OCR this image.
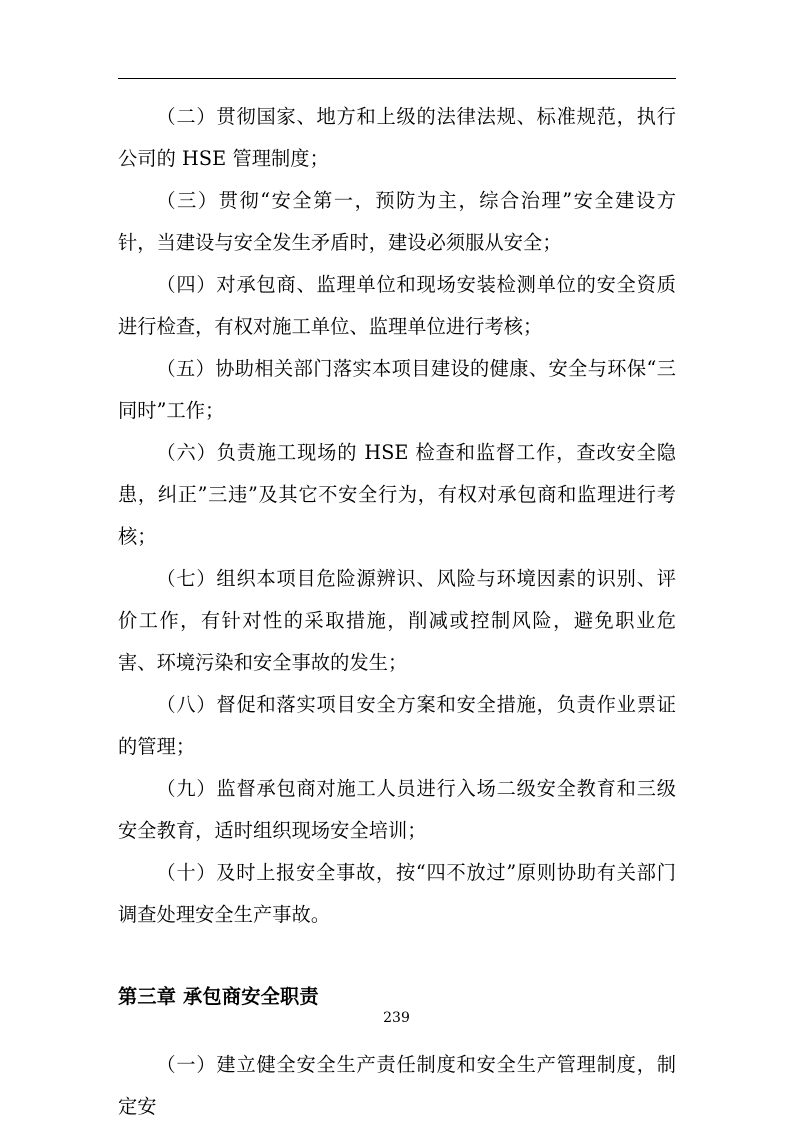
（二）贯彻国家、地方和上级的法律法规、标准规范，执行公司的 HSE 管理制度；

（三）贯彻“安全第一，预防为主，综合治理”安全建设方针，当建设与安全发生矛盾时，建设必须服从安全；

（四）对承包商、监理单位和现场安装检测单位的安全资质进行检查，有权对施工单位、监理单位进行考核；

（五）协助相关部门落实本项目建设的健康、安全与环保“三同时”工作；

（六）负责施工现场的 HSE 检查和监督工作，查改安全隐患，纠正”三违”及其它不安全行为，有权对承包商和监理进行考核；

（七）组织本项目危险源辨识、风险与环境因素的识别、评价工作，有针对性的采取措施，削减或控制风险，避免职业危害、环境污染和安全事故的发生；

（八）督促和落实项目安全方案和安全措施，负责作业票证的管理；

（九）监督承包商对施工人员进行入场二级安全教育和三级安全教育，适时组织现场安全培训；

（十）及时上报安全事故，按“四不放过”原则协助有关部门调查处理安全生产事故。

第三章 承包商安全职责

（一）建立健全安全生产责任制度和安全生产管理制度，制定安

239
